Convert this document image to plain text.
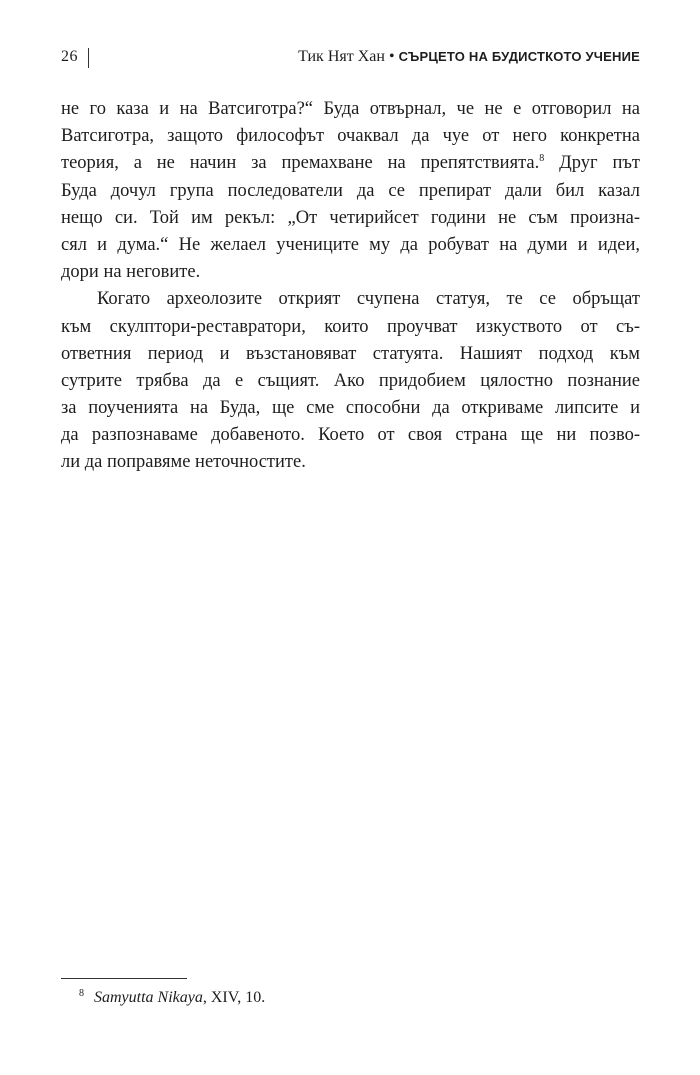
26	Тик Нят Хан • СЪРЦЕТО НА БУДИСТКОТО УЧЕНИЕ
не го каза и на Ватсиготра?“ Буда отвърнал, че не е отговорил на
Ватсиготра, защото философът очаквал да чуе от него конкретна
теория, а не начин за премахване на препятствията.$^8$ Друг път
Буда дочул група последователи да се препират дали бил казал
нещо си. Той им рекъл: „От четирийсет години не съм произна-
сял и дума.“ Не желаел учениците му да робуват на думи и идеи,
дори на неговите.
Когато археолозите открият счупена статуя, те се обръщат
към скулптори-реставратори, които проучват изкуството от съ-
ответния период и възстановяват статуята. Нашият подход към
сутрите трябва да е същият. Ако придобием цялостно познание
за поученията на Буда, ще сме способни да откриваме липсите и
да разпознаваме добавеното. Което от своя страна ще ни позво-
ли да поправяме неточностите.
$^8$ Samyutta Nikaya, XIV, 10.
